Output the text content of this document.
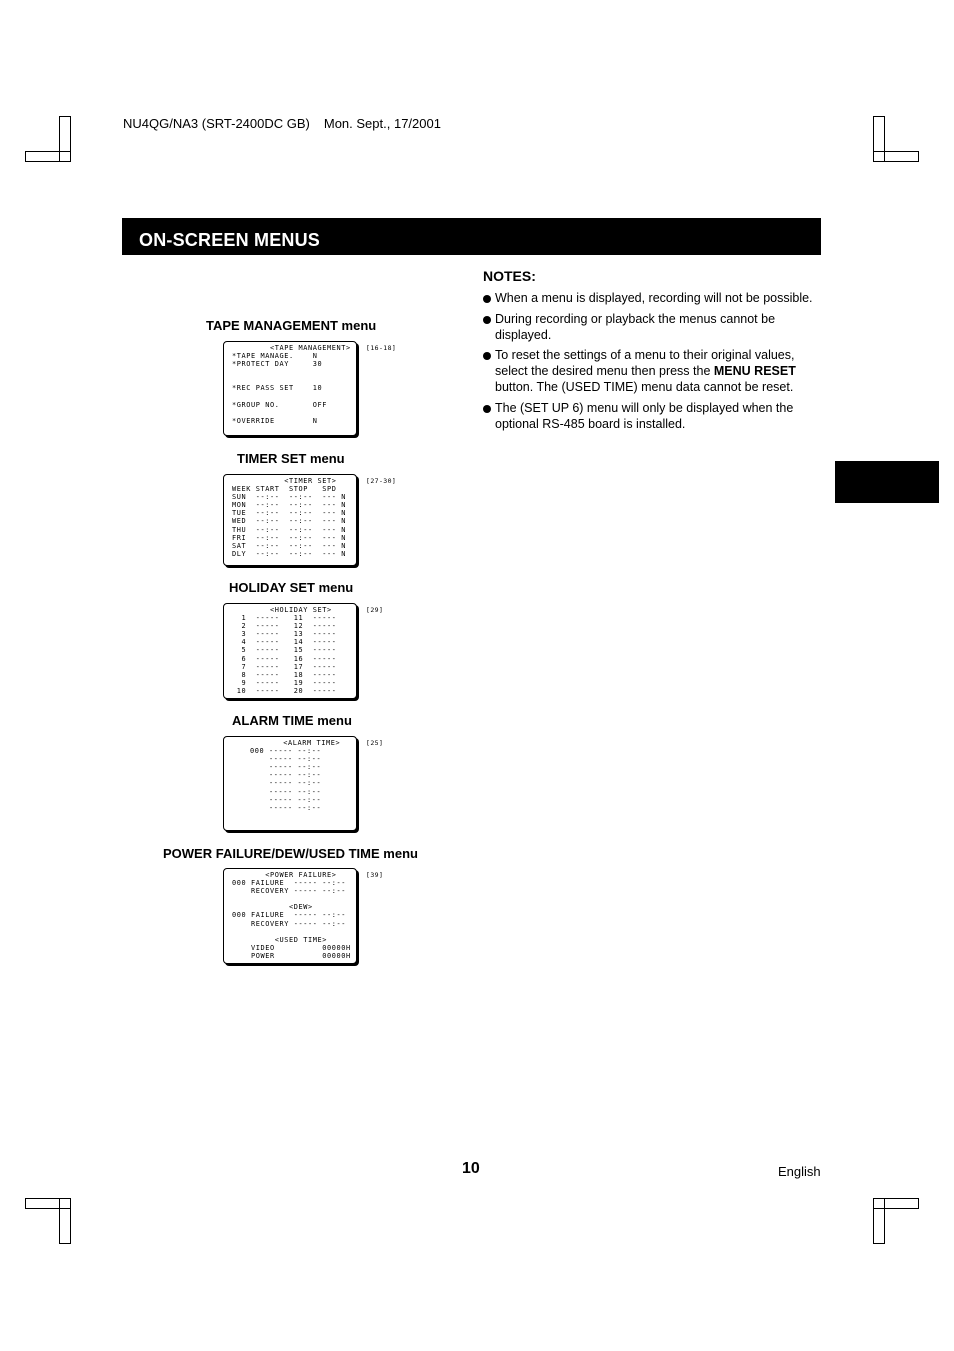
NU4QG/NA3 (SRT-2400DC GB) Mon. Sept., 17/2001
ON-SCREEN MENUS
NOTES:
When a menu is displayed, recording will not be possible.
During recording or playback the menus cannot be displayed.
To reset the settings of a menu to their original values, select the desired menu then press the MENU RESET button. The (USED TIME) menu data cannot be reset.
The (SET UP 6) menu will only be displayed when the optional RS-485 board is installed.
TAPE MANAGEMENT menu
<TAPE MANAGEMENT>
*TAPE MANAGE.    N
*PROTECT DAY     30

*REC PASS SET    10

*GROUP NO.       OFF

*OVERRIDE        N
[16-18]
TIMER SET menu
<TIMER SET>
WEEK START  STOP   SPD
SUN  --:--  --:--  --- N
MON  --:--  --:--  --- N
TUE  --:--  --:--  --- N
WED  --:--  --:--  --- N
THU  --:--  --:--  --- N
FRI  --:--  --:--  --- N
SAT  --:--  --:--  --- N
DLY  --:--  --:--  --- N
[27-30]
HOLIDAY SET menu
<HOLIDAY SET>
1  -----   11  -----
2  -----   12  -----
3  -----   13  -----
4  -----   14  -----
5  -----   15  -----
6  -----   16  -----
7  -----   17  -----
8  -----   18  -----
9  -----   19  -----
10  -----   20  -----
[29]
ALARM TIME menu
<ALARM TIME>
000 ----- --:--
----- --:--
----- --:--
----- --:--
----- --:--
----- --:--
----- --:--
----- --:--
[25]
POWER FAILURE/DEW/USED TIME menu
<POWER FAILURE>
000 FAILURE  ----- --:--
RECOVERY ----- --:--

<DEW>
000 FAILURE  ----- --:--
RECOVERY ----- --:--

<USED TIME>
VIDEO          00000H
POWER          00000H
[39]
10	English
